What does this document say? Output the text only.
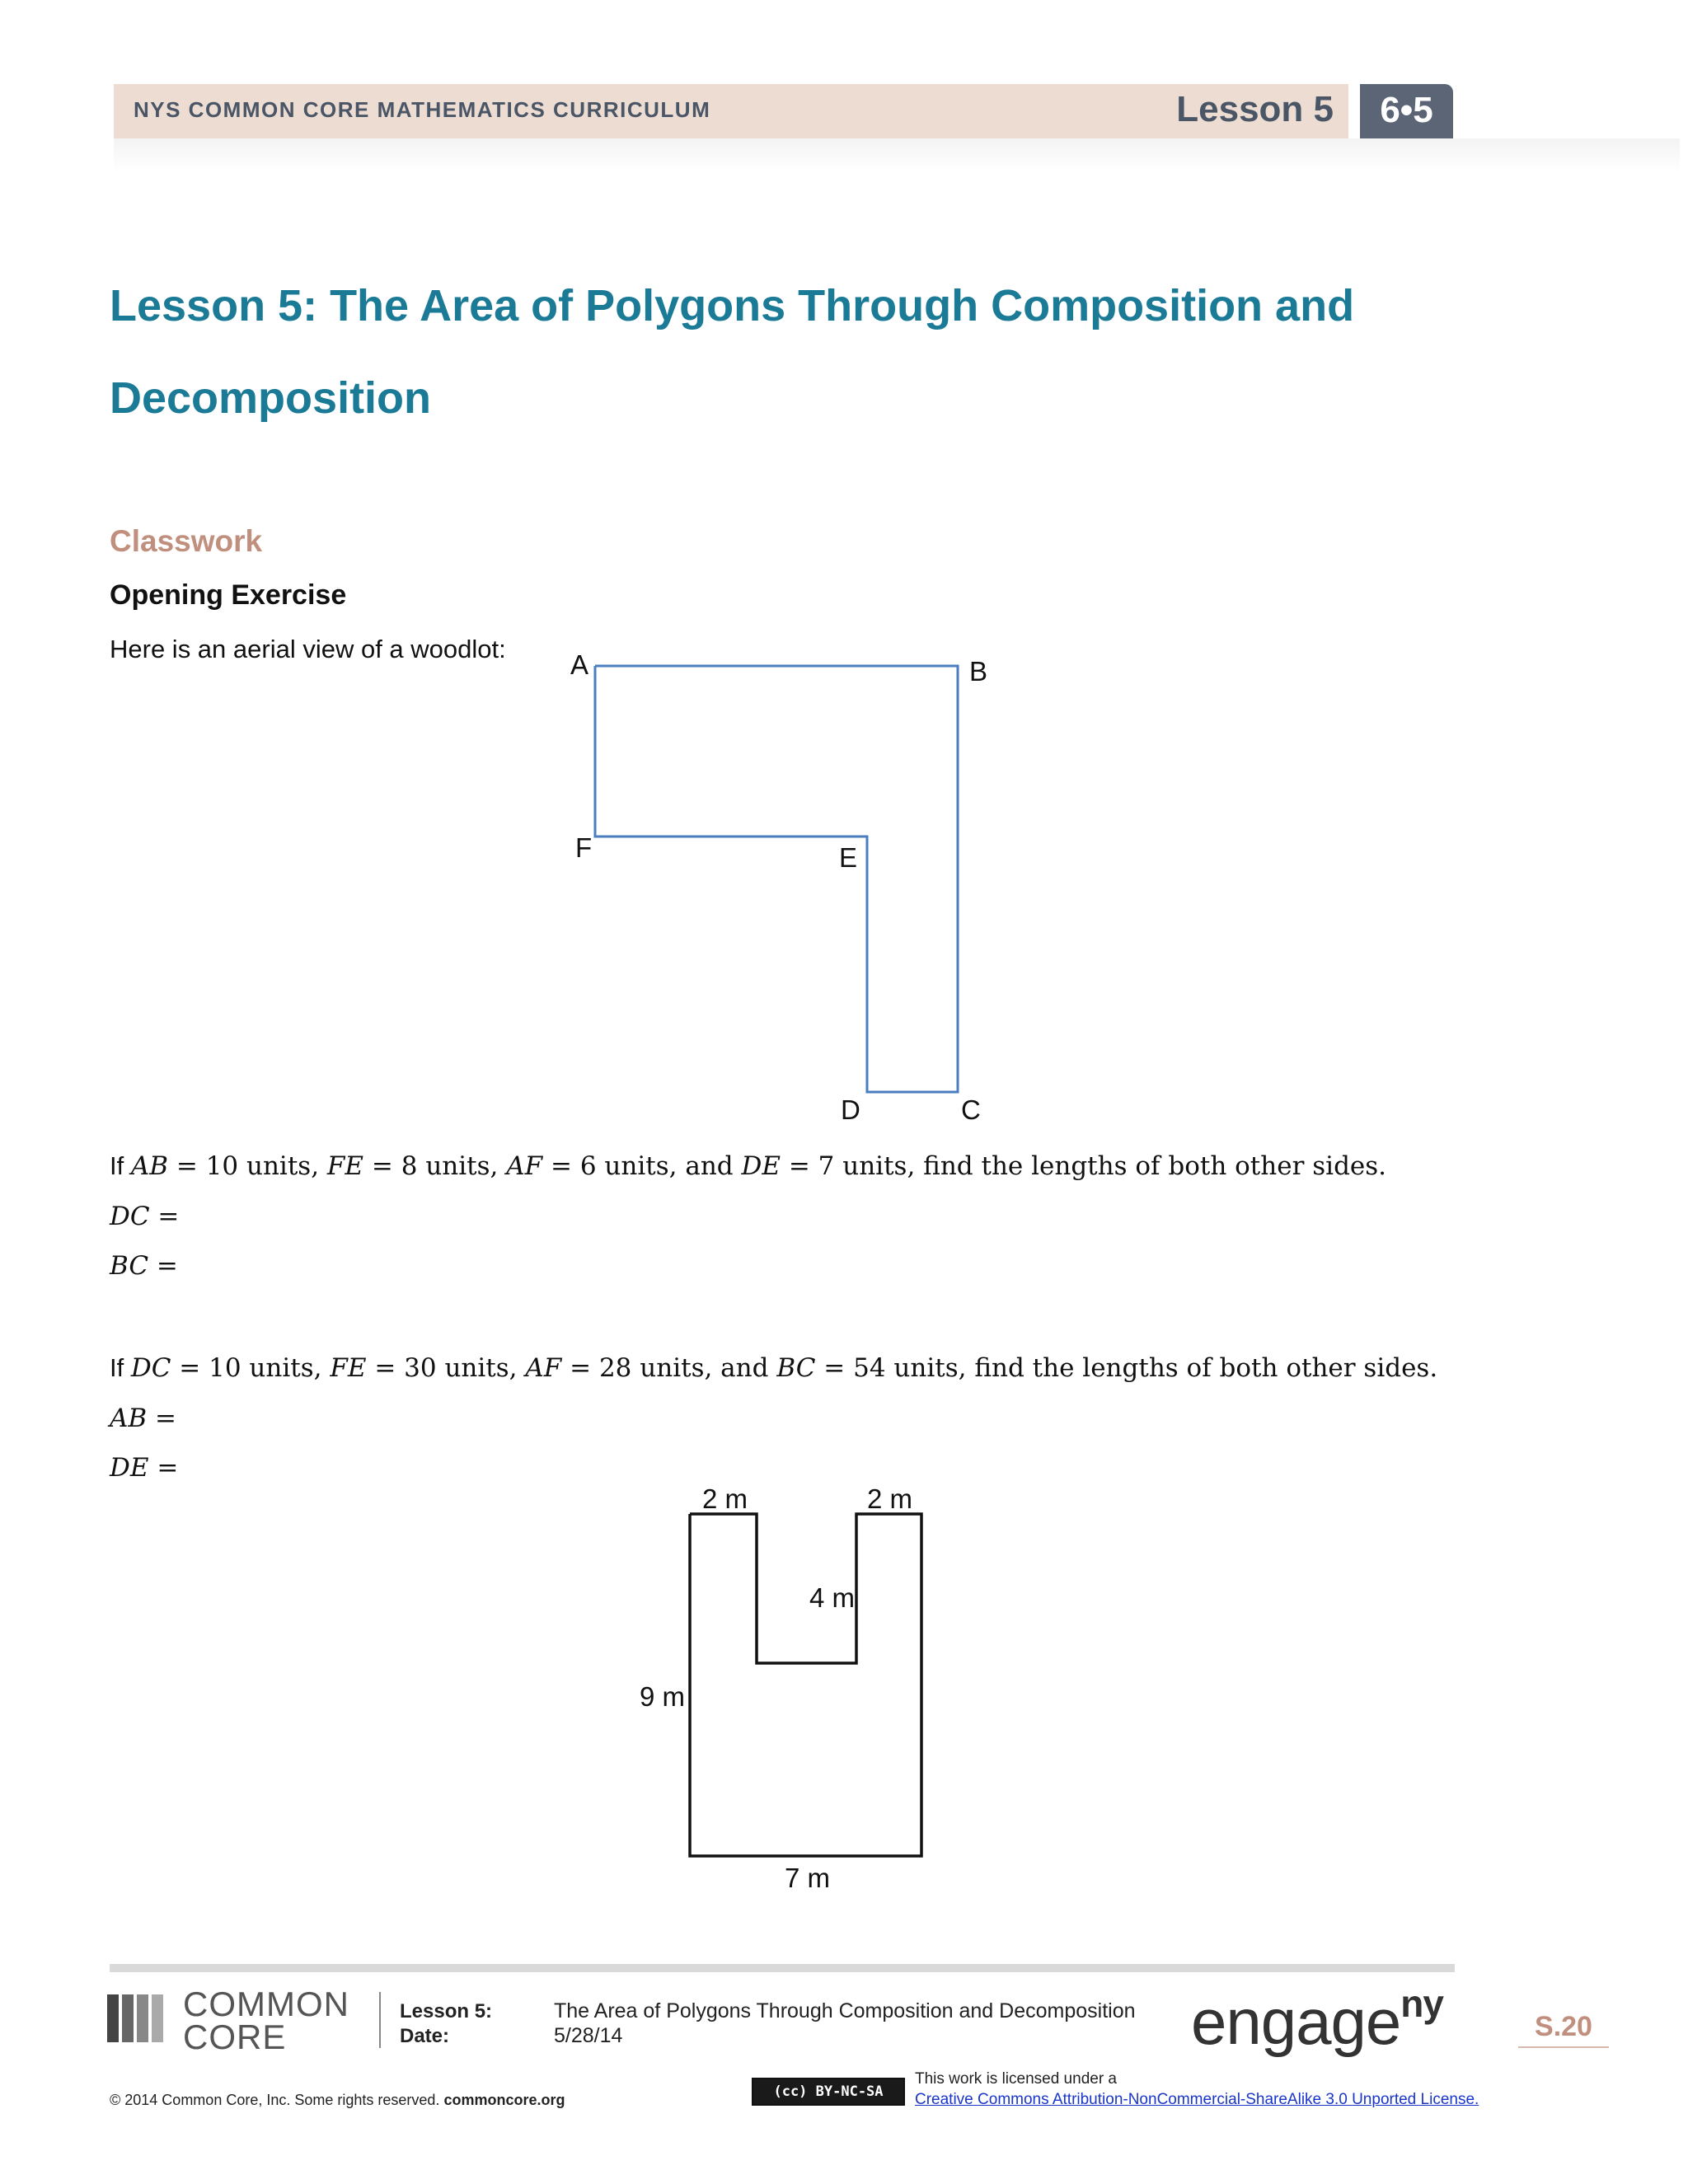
NYS COMMON CORE MATHEMATICS CURRICULUM	Lesson 5	6•5
Lesson 5: The Area of Polygons Through Composition and
Decomposition
Classwork
Opening Exercise
Here is an aerial view of a woodlot:
A	B
C
D
E
F
If AB = 10 units, FE = 8 units, AF = 6 units, and DE = 7 units, find the lengths of both other sides.
DC =
BC =
If DC = 10 units, FE = 30 units, AF = 28 units, and BC = 54 units, find the lengths of both other sides.
AB =
DE =
2 m	2 m
4 m
9 m
7 m
COMMON
CORE
Lesson 5:
Date:
The Area of Polygons Through Composition and Decomposition
5/28/14	engage$^{ny}$
S.20
© 2014 Common Core, Inc. Some rights reserved. commoncore.org	(cc) BY-NC-SA
This work is licensed under a
Creative Commons Attribution-NonCommercial-ShareAlike 3.0 Unported License.
